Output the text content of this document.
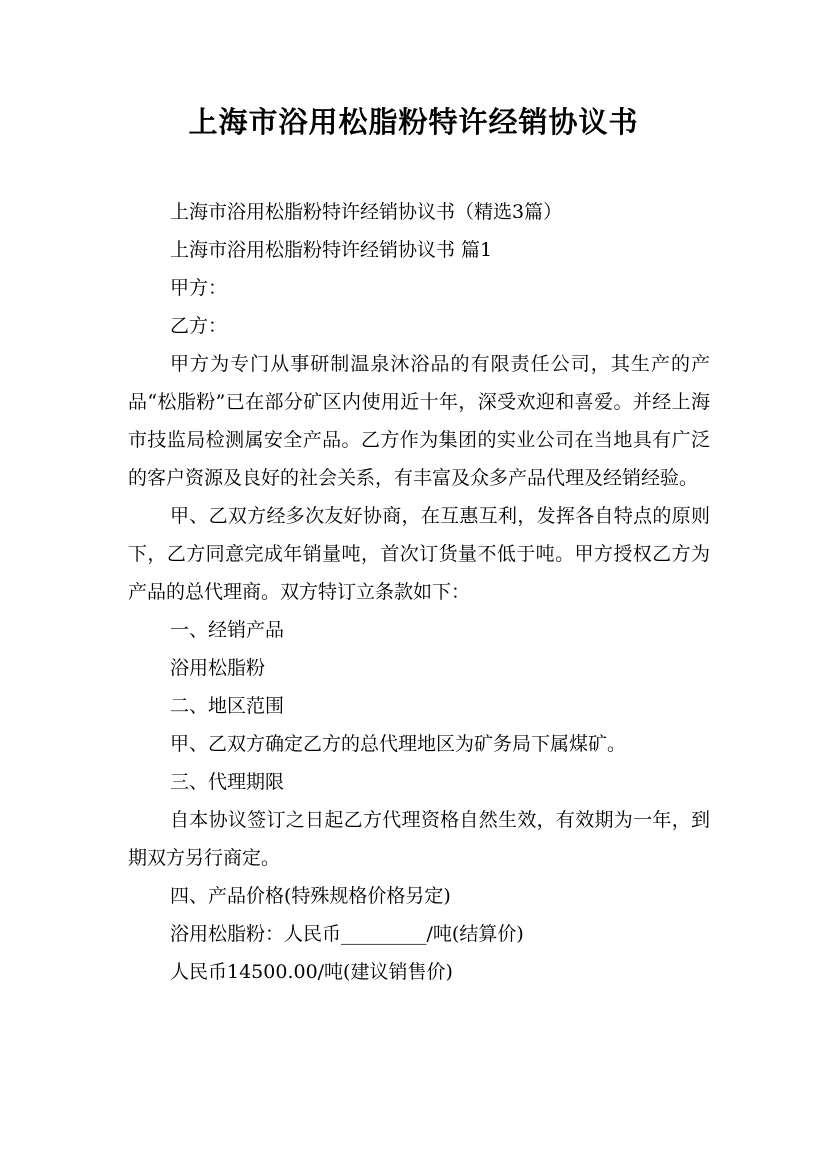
上海市浴用松脂粉特许经销协议书

上海市浴用松脂粉特许经销协议书（精选3篇）

上海市浴用松脂粉特许经销协议书 篇1

甲方：

乙方：

甲方为专门从事研制温泉沐浴品的有限责任公司，其生产的产品“松脂粉”已在部分矿区内使用近十年，深受欢迎和喜爱。并经上海市技监局检测属安全产品。乙方作为集团的实业公司在当地具有广泛的客户资源及良好的社会关系，有丰富及众多产品代理及经销经验。

甲、乙双方经多次友好协商，在互惠互利，发挥各自特点的原则下，乙方同意完成年销量吨，首次订货量不低于吨。甲方授权乙方为产品的总代理商。双方特订立条款如下：

一、经销产品

浴用松脂粉

二、地区范围

甲、乙双方确定乙方的总代理地区为矿务局下属煤矿。

三、代理期限

自本协议签订之日起乙方代理资格自然生效，有效期为一年，到期双方另行商定。

四、产品价格(特殊规格价格另定)

浴用松脂粉：人民币_________/吨(结算价)

人民币14500.00/吨(建议销售价)
